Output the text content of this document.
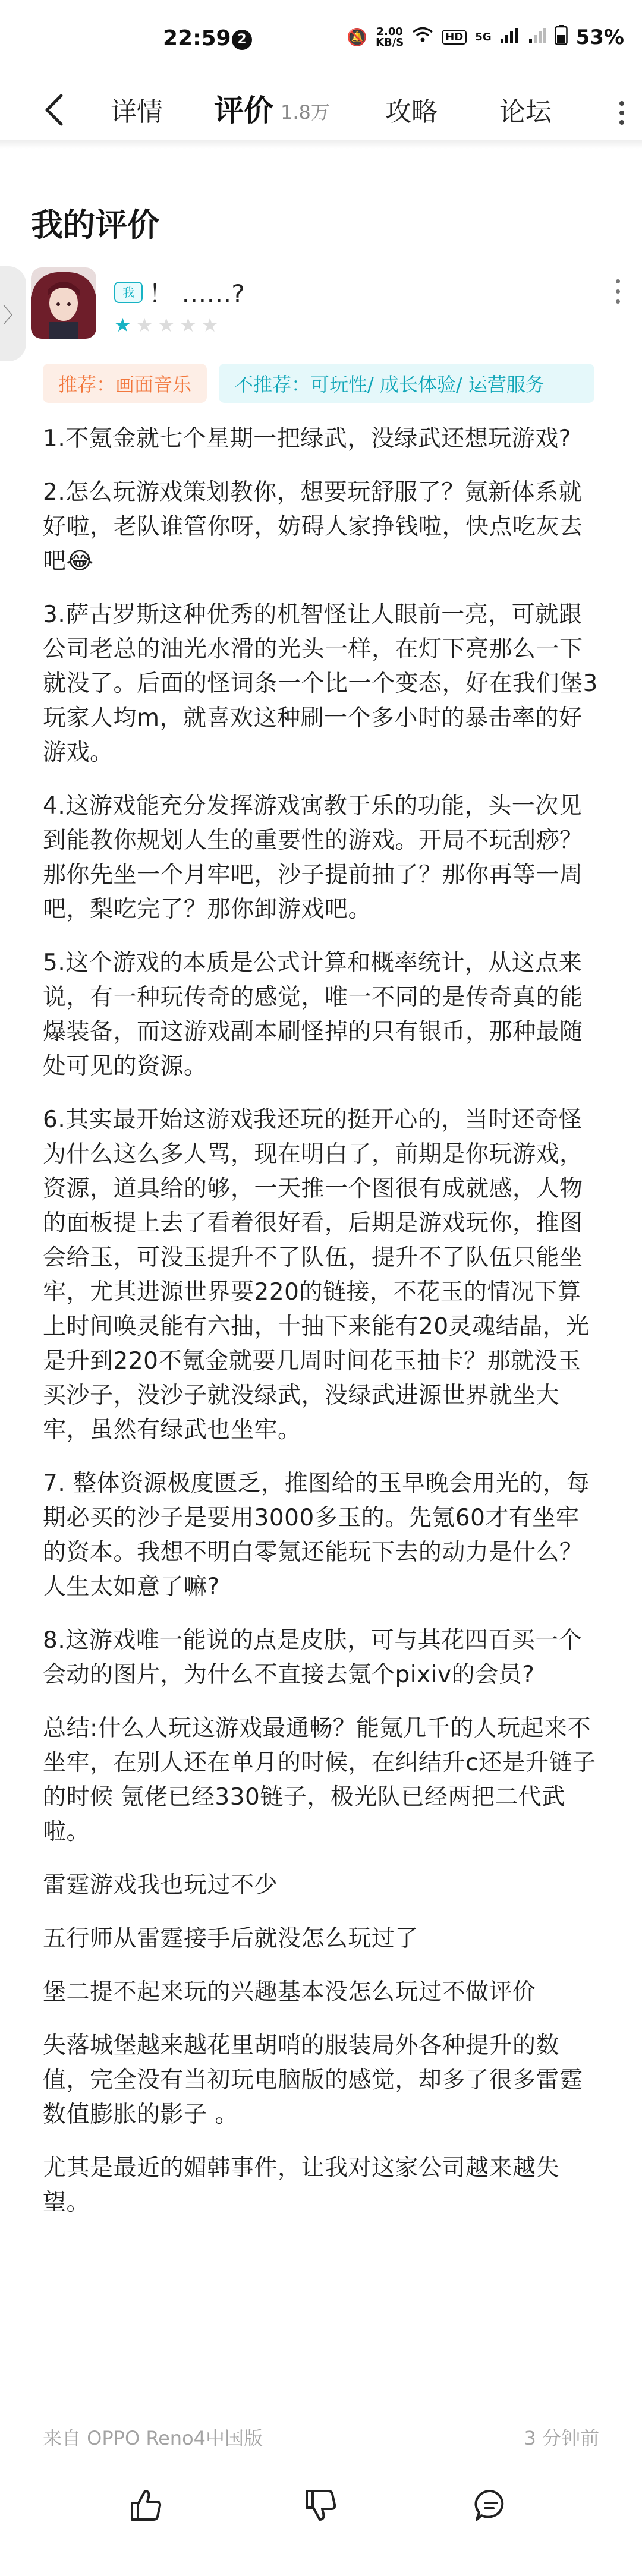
22:59 2	🔕 2.00
KB/S	HD	5G	53%
详情 评价 1.8万 攻略 论坛
我的评价
〉
我 ！ ……?
★ ★ ★ ★ ★
推荐：画面音乐	不推荐：可玩性/ 成长体验/ 运营服务

1.不氪金就七个星期一把绿武，没绿武还想玩游戏?

2.怎么玩游戏策划教你，想要玩舒服了？氪新体系就好啦，老队谁管你呀，妨碍人家挣钱啦，快点吃灰去吧😂

3.萨古罗斯这种优秀的机智怪让人眼前一亮，可就跟公司老总的油光水滑的光头一样，在灯下亮那么一下就没了。后面的怪词条一个比一个变态，好在我们堡3玩家人均m，就喜欢这种刷一个多小时的暴击率的好游戏。

4.这游戏能充分发挥游戏寓教于乐的功能，头一次见到能教你规划人生的重要性的游戏。开局不玩刮痧？那你先坐一个月牢吧，沙子提前抽了？那你再等一周吧，梨吃完了？那你卸游戏吧。

5.这个游戏的本质是公式计算和概率统计，从这点来说，有一种玩传奇的感觉，唯一不同的是传奇真的能爆装备，而这游戏副本刷怪掉的只有银币，那种最随处可见的资源。

6.其实最开始这游戏我还玩的挺开心的，当时还奇怪为什么这么多人骂，现在明白了，前期是你玩游戏，资源，道具给的够，一天推一个图很有成就感，人物的面板提上去了看着很好看，后期是游戏玩你，推图会给玉，可没玉提升不了队伍，提升不了队伍只能坐牢，尤其进源世界要220的链接，不花玉的情况下算上时间唤灵能有六抽，十抽下来能有20灵魂结晶，光是升到220不氪金就要几周时间花玉抽卡？那就没玉买沙子，没沙子就没绿武，没绿武进源世界就坐大牢，虽然有绿武也坐牢。

7. 整体资源极度匮乏，推图给的玉早晚会用光的，每期必买的沙子是要用3000多玉的。先氪60才有坐牢的资本。我想不明白零氪还能玩下去的动力是什么？人生太如意了嘛?

8.这游戏唯一能说的点是皮肤，可与其花四百买一个会动的图片，为什么不直接去氪个pixiv的会员?

总结:什么人玩这游戏最通畅？能氪几千的人玩起来不坐牢，在别人还在单月的时候，在纠结升c还是升链子的时候 氪佬已经330链子，极光队已经两把二代武啦。

雷霆游戏我也玩过不少

五行师从雷霆接手后就没怎么玩过了

堡二提不起来玩的兴趣基本没怎么玩过不做评价

失落城堡越来越花里胡哨的服装局外各种提升的数值，完全没有当初玩电脑版的感觉，却多了很多雷霆数值膨胀的影子 。

尤其是最近的媚韩事件，让我对这家公司越来越失望。

来自 OPPO Reno4中国版	3 分钟前
